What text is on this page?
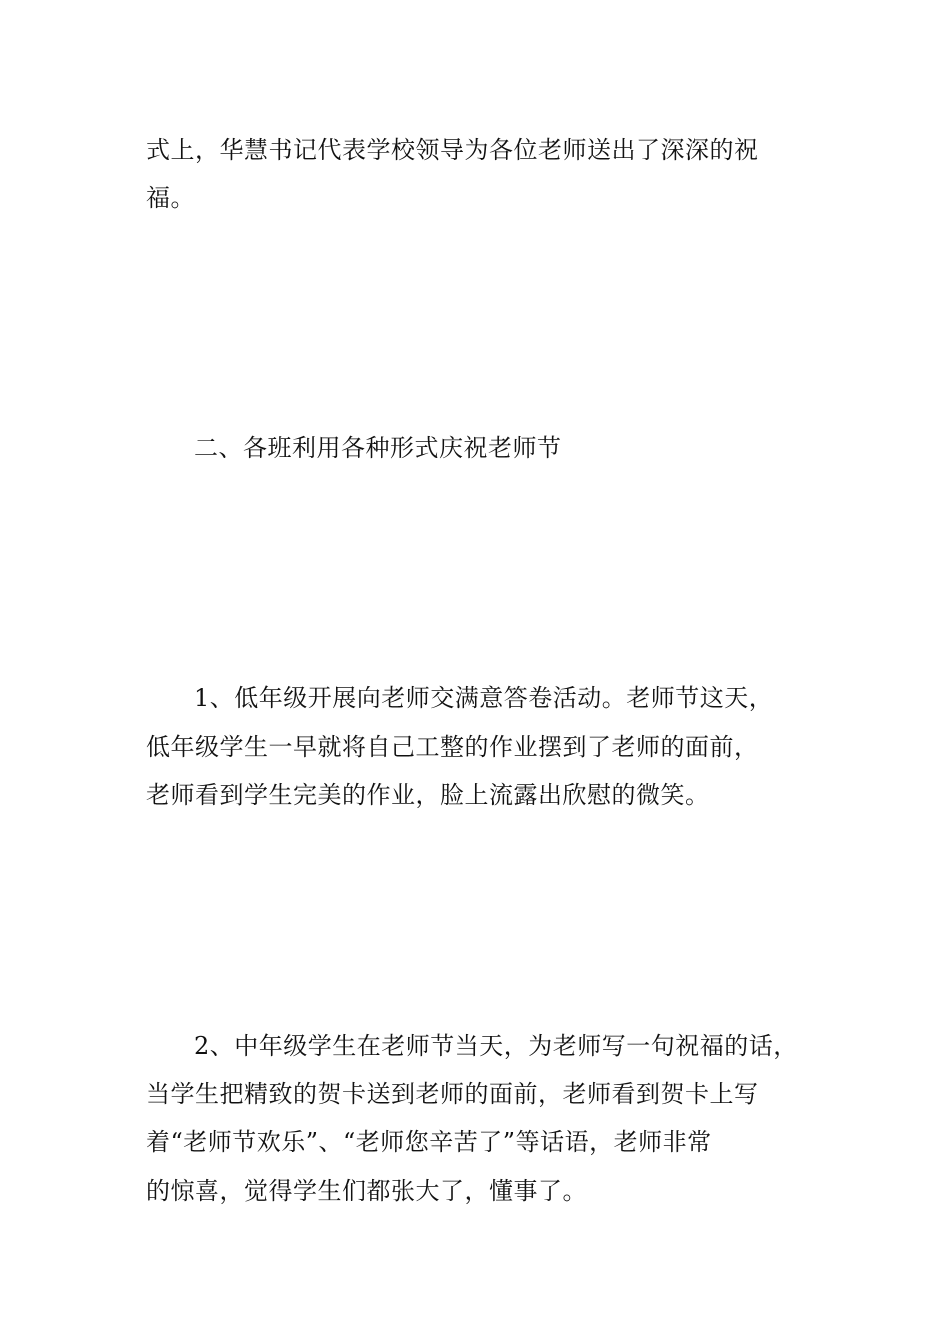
式上，华慧书记代表学校领导为各位老师送出了深深的祝
福。
二、各班利用各种形式庆祝老师节
1、低年级开展向老师交满意答卷活动。老师节这天，
低年级学生一早就将自己工整的作业摆到了老师的面前，
老师看到学生完美的作业，脸上流露出欣慰的微笑。
2、中年级学生在老师节当天，为老师写一句祝福的话，
当学生把精致的贺卡送到老师的面前，老师看到贺卡上写
着“老师节欢乐”、“老师您辛苦了”等话语，老师非常
的惊喜，觉得学生们都张大了，懂事了。
